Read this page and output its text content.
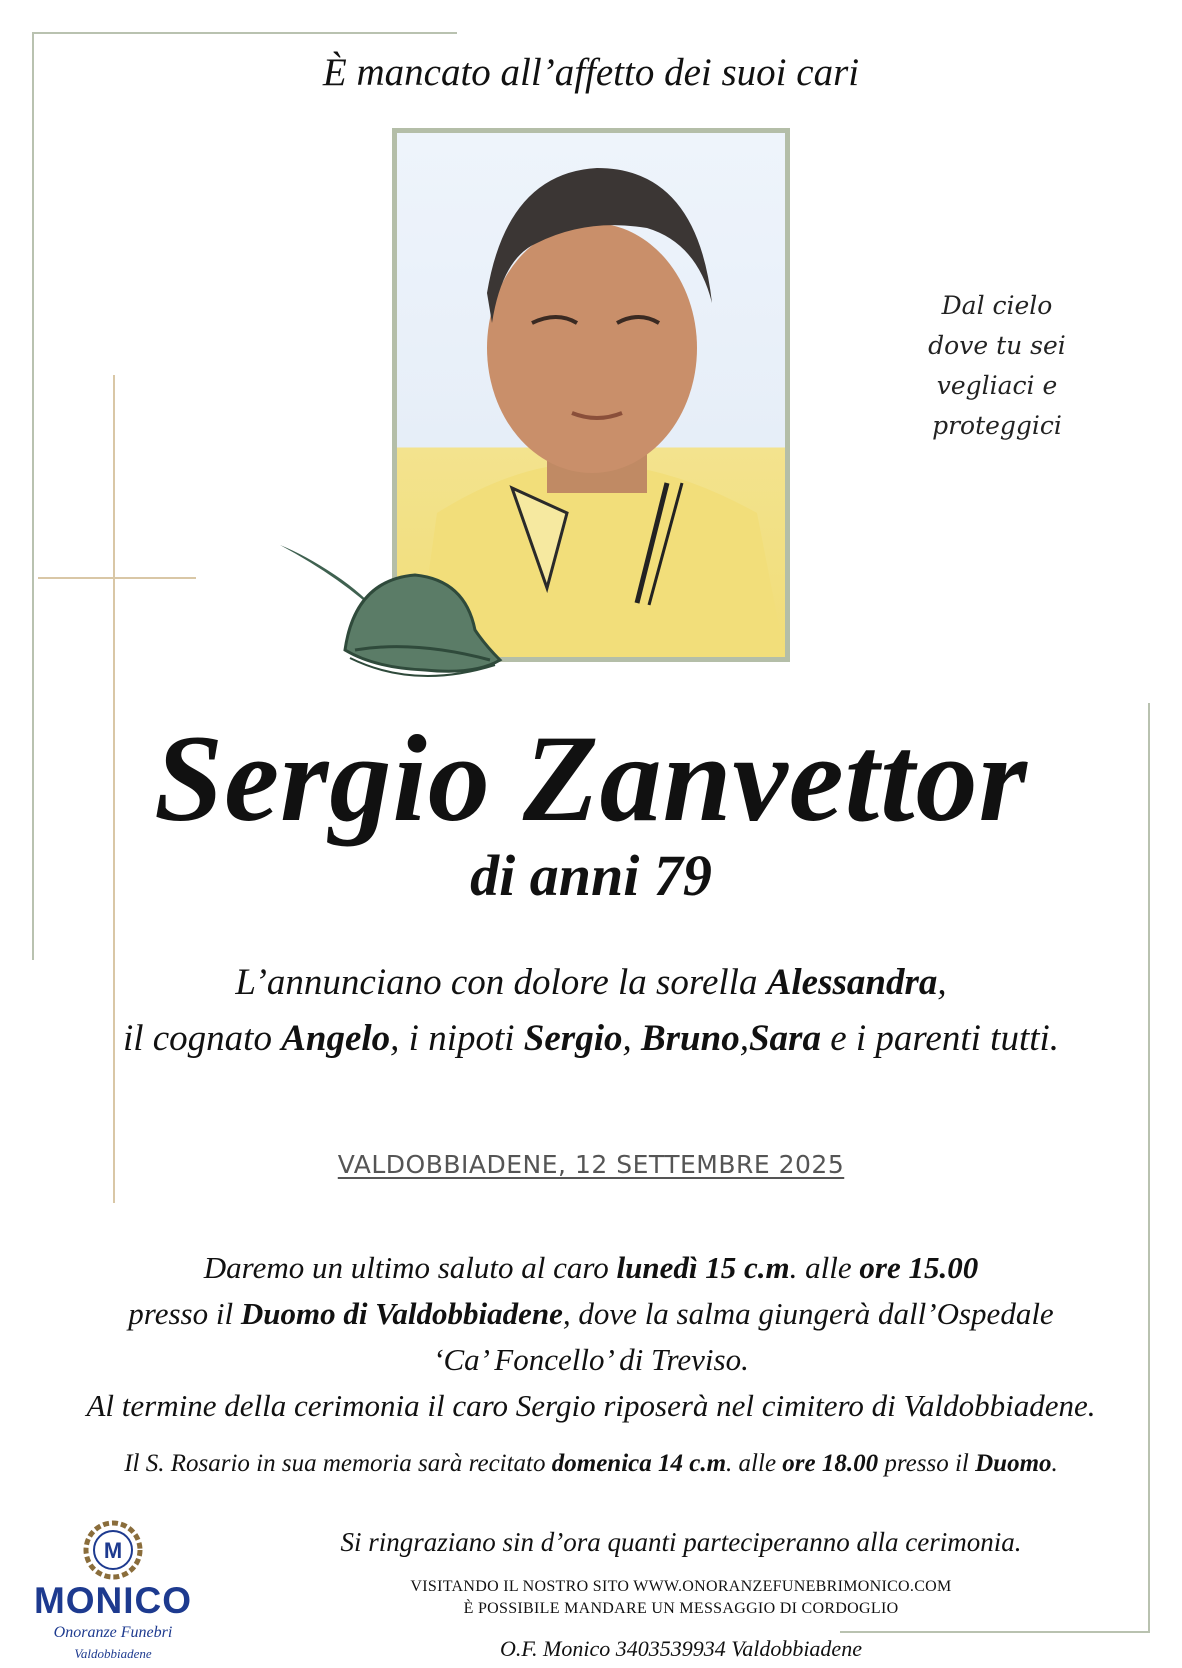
È mancato all’affetto dei suoi cari
Dal cielo
dove tu sei
vegliaci e proteggici
Sergio Zanvettor
di anni 79
L’annunciano con dolore la sorella Alessandra,
il cognato Angelo, i nipoti Sergio, Bruno,Sara e i parenti tutti.
VALDOBBIADENE, 12 SETTEMBRE 2025
Daremo un ultimo saluto al caro lunedì 15 c.m. alle ore 15.00
presso il Duomo di Valdobbiadene, dove la salma giungerà dall’Ospedale
‘Ca’ Foncello’ di Treviso.
Al termine della cerimonia il caro Sergio riposerà nel cimitero di Valdobbiadene.
Il S. Rosario in sua memoria sarà recitato domenica 14 c.m. alle ore 18.00 presso il Duomo.
M
MONICO
Onoranze Funebri
Valdobbiadene
Si ringraziano sin d’ora quanti parteciperanno alla cerimonia.
VISITANDO IL NOSTRO SITO WWW.ONORANZEFUNEBRIMONICO.COM
È POSSIBILE MANDARE UN MESSAGGIO DI CORDOGLIO
O.F. Monico 3403539934 Valdobbiadene
